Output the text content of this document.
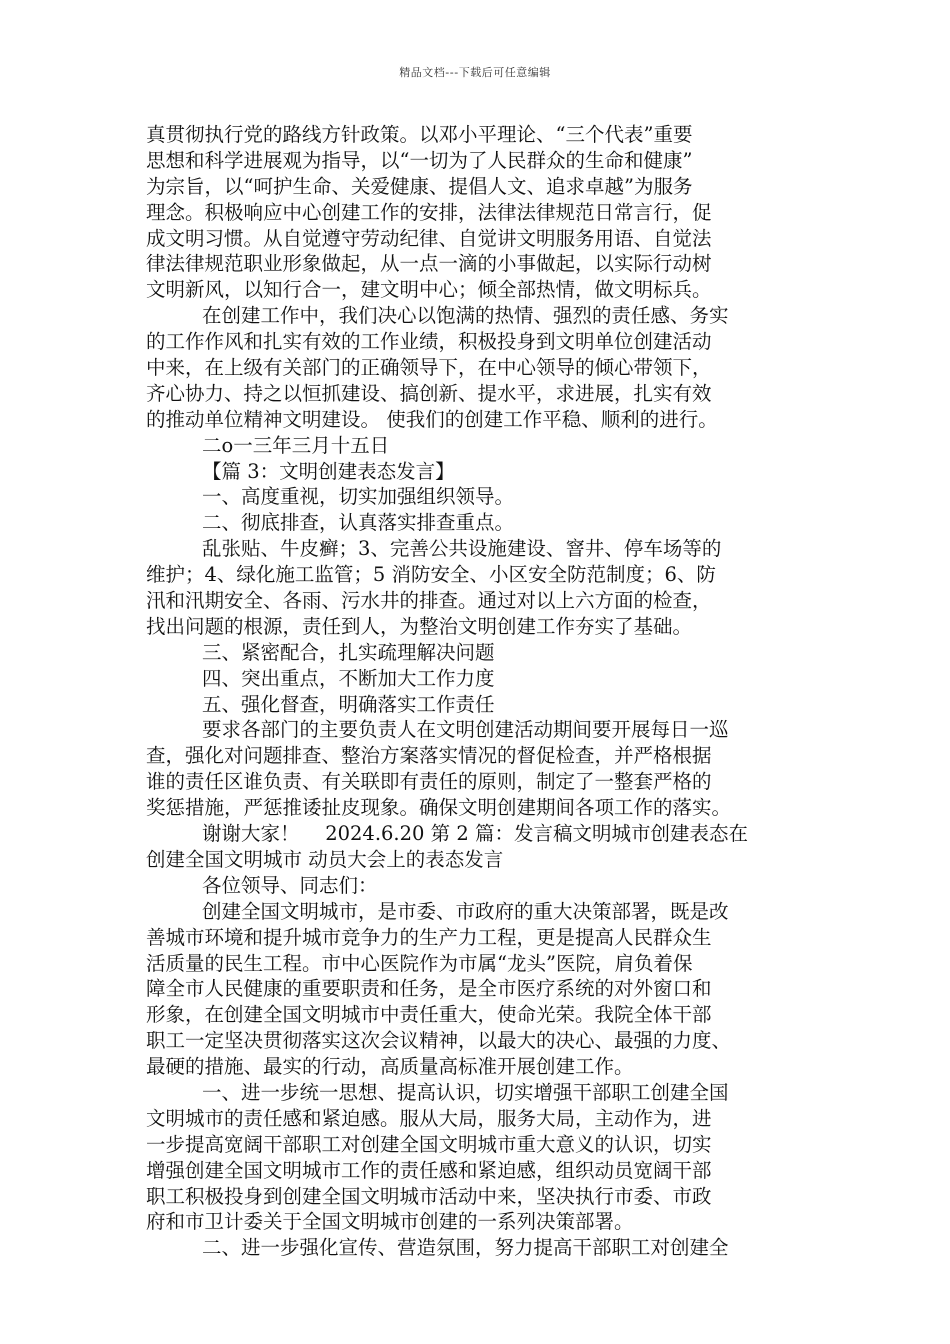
精品文档---下载后可任意编辑
真贯彻执行党的路线方针政策。以邓小平理论、“三个代表”重要
思想和科学进展观为指导，以“一切为了人民群众的生命和健康”
为宗旨，以“呵护生命、关爱健康、提倡人文、追求卓越”为服务
理念。积极响应中心创建工作的安排，法律法律规范日常言行，促
成文明习惯。从自觉遵守劳动纪律、自觉讲文明服务用语、自觉法
律法律规范职业形象做起，从一点一滴的小事做起，以实际行动树
文明新风，以知行合一，建文明中心；倾全部热情，做文明标兵。
在创建工作中，我们决心以饱满的热情、强烈的责任感、务实
的工作作风和扎实有效的工作业绩，积极投身到文明单位创建活动
中来，在上级有关部门的正确领导下，在中心领导的倾心带领下，
齐心协力、持之以恒抓建设、搞创新、提水平，求进展，扎实有效
的推动单位精神文明建设。 使我们的创建工作平稳、顺利的进行。
二o一三年三月十五日
【篇 3：文明创建表态发言】
一、高度重视，切实加强组织领导。
二、彻底排查，认真落实排查重点。
乱张贴、牛皮癣；3、完善公共设施建设、窨井、停车场等的
维护；4、绿化施工监管；5 消防安全、小区安全防范制度；6、防
汛和汛期安全、各雨、污水井的排查。通过对以上六方面的检查，
找出问题的根源，责任到人，为整治文明创建工作夯实了基础。
三、紧密配合，扎实疏理解决问题
四、突出重点，不断加大工作力度
五、强化督查，明确落实工作责任
要求各部门的主要负责人在文明创建活动期间要开展每日一巡
查，强化对问题排查、整治方案落实情况的督促检查，并严格根据
谁的责任区谁负责、有关联即有责任的原则，制定了一整套严格的
奖惩措施，严惩推诿扯皮现象。确保文明创建期间各项工作的落实。
谢谢大家！　 2024.6.20 第 2 篇：发言稿文明城市创建表态在
创建全国文明城市 动员大会上的表态发言
各位领导、同志们：
创建全国文明城市，是市委、市政府的重大决策部署，既是改
善城市环境和提升城市竞争力的生产力工程，更是提高人民群众生
活质量的民生工程。市中心医院作为市属“龙头”医院，肩负着保
障全市人民健康的重要职责和任务，是全市医疗系统的对外窗口和
形象，在创建全国文明城市中责任重大，使命光荣。我院全体干部
职工一定坚决贯彻落实这次会议精神，以最大的决心、最强的力度、
最硬的措施、最实的行动，高质量高标准开展创建工作。
一、进一步统一思想、提高认识，切实增强干部职工创建全国
文明城市的责任感和紧迫感。服从大局，服务大局，主动作为，进
一步提高宽阔干部职工对创建全国文明城市重大意义的认识，切实
增强创建全国文明城市工作的责任感和紧迫感，组织动员宽阔干部
职工积极投身到创建全国文明城市活动中来，坚决执行市委、市政
府和市卫计委关于全国文明城市创建的一系列决策部署。
二、进一步强化宣传、营造氛围，努力提高干部职工对创建全
